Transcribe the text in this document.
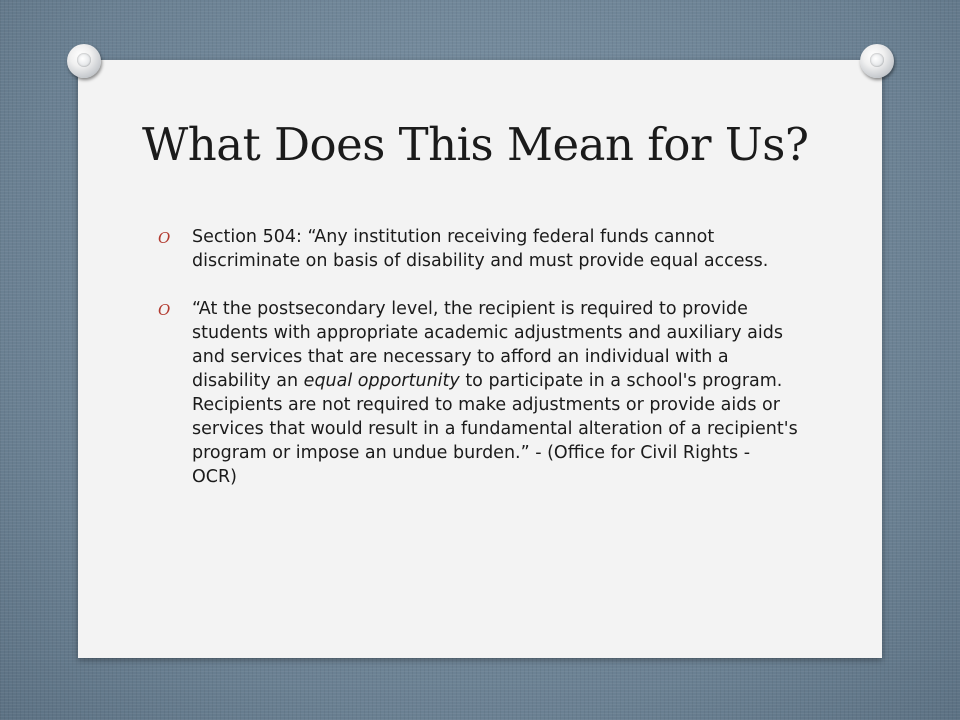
What Does This Mean for Us?
O Section 504: “Any institution receiving federal funds cannot discriminate on basis of disability and must provide equal access.
O “At the postsecondary level, the recipient is required to provide students with appropriate academic adjustments and auxiliary aids and services that are necessary to afford an individual with a disability an equal opportunity to participate in a school's program. Recipients are not required to make adjustments or provide aids or services that would result in a fundamental alteration of a recipient's program or impose an undue burden.” - (Office for Civil Rights - OCR)
